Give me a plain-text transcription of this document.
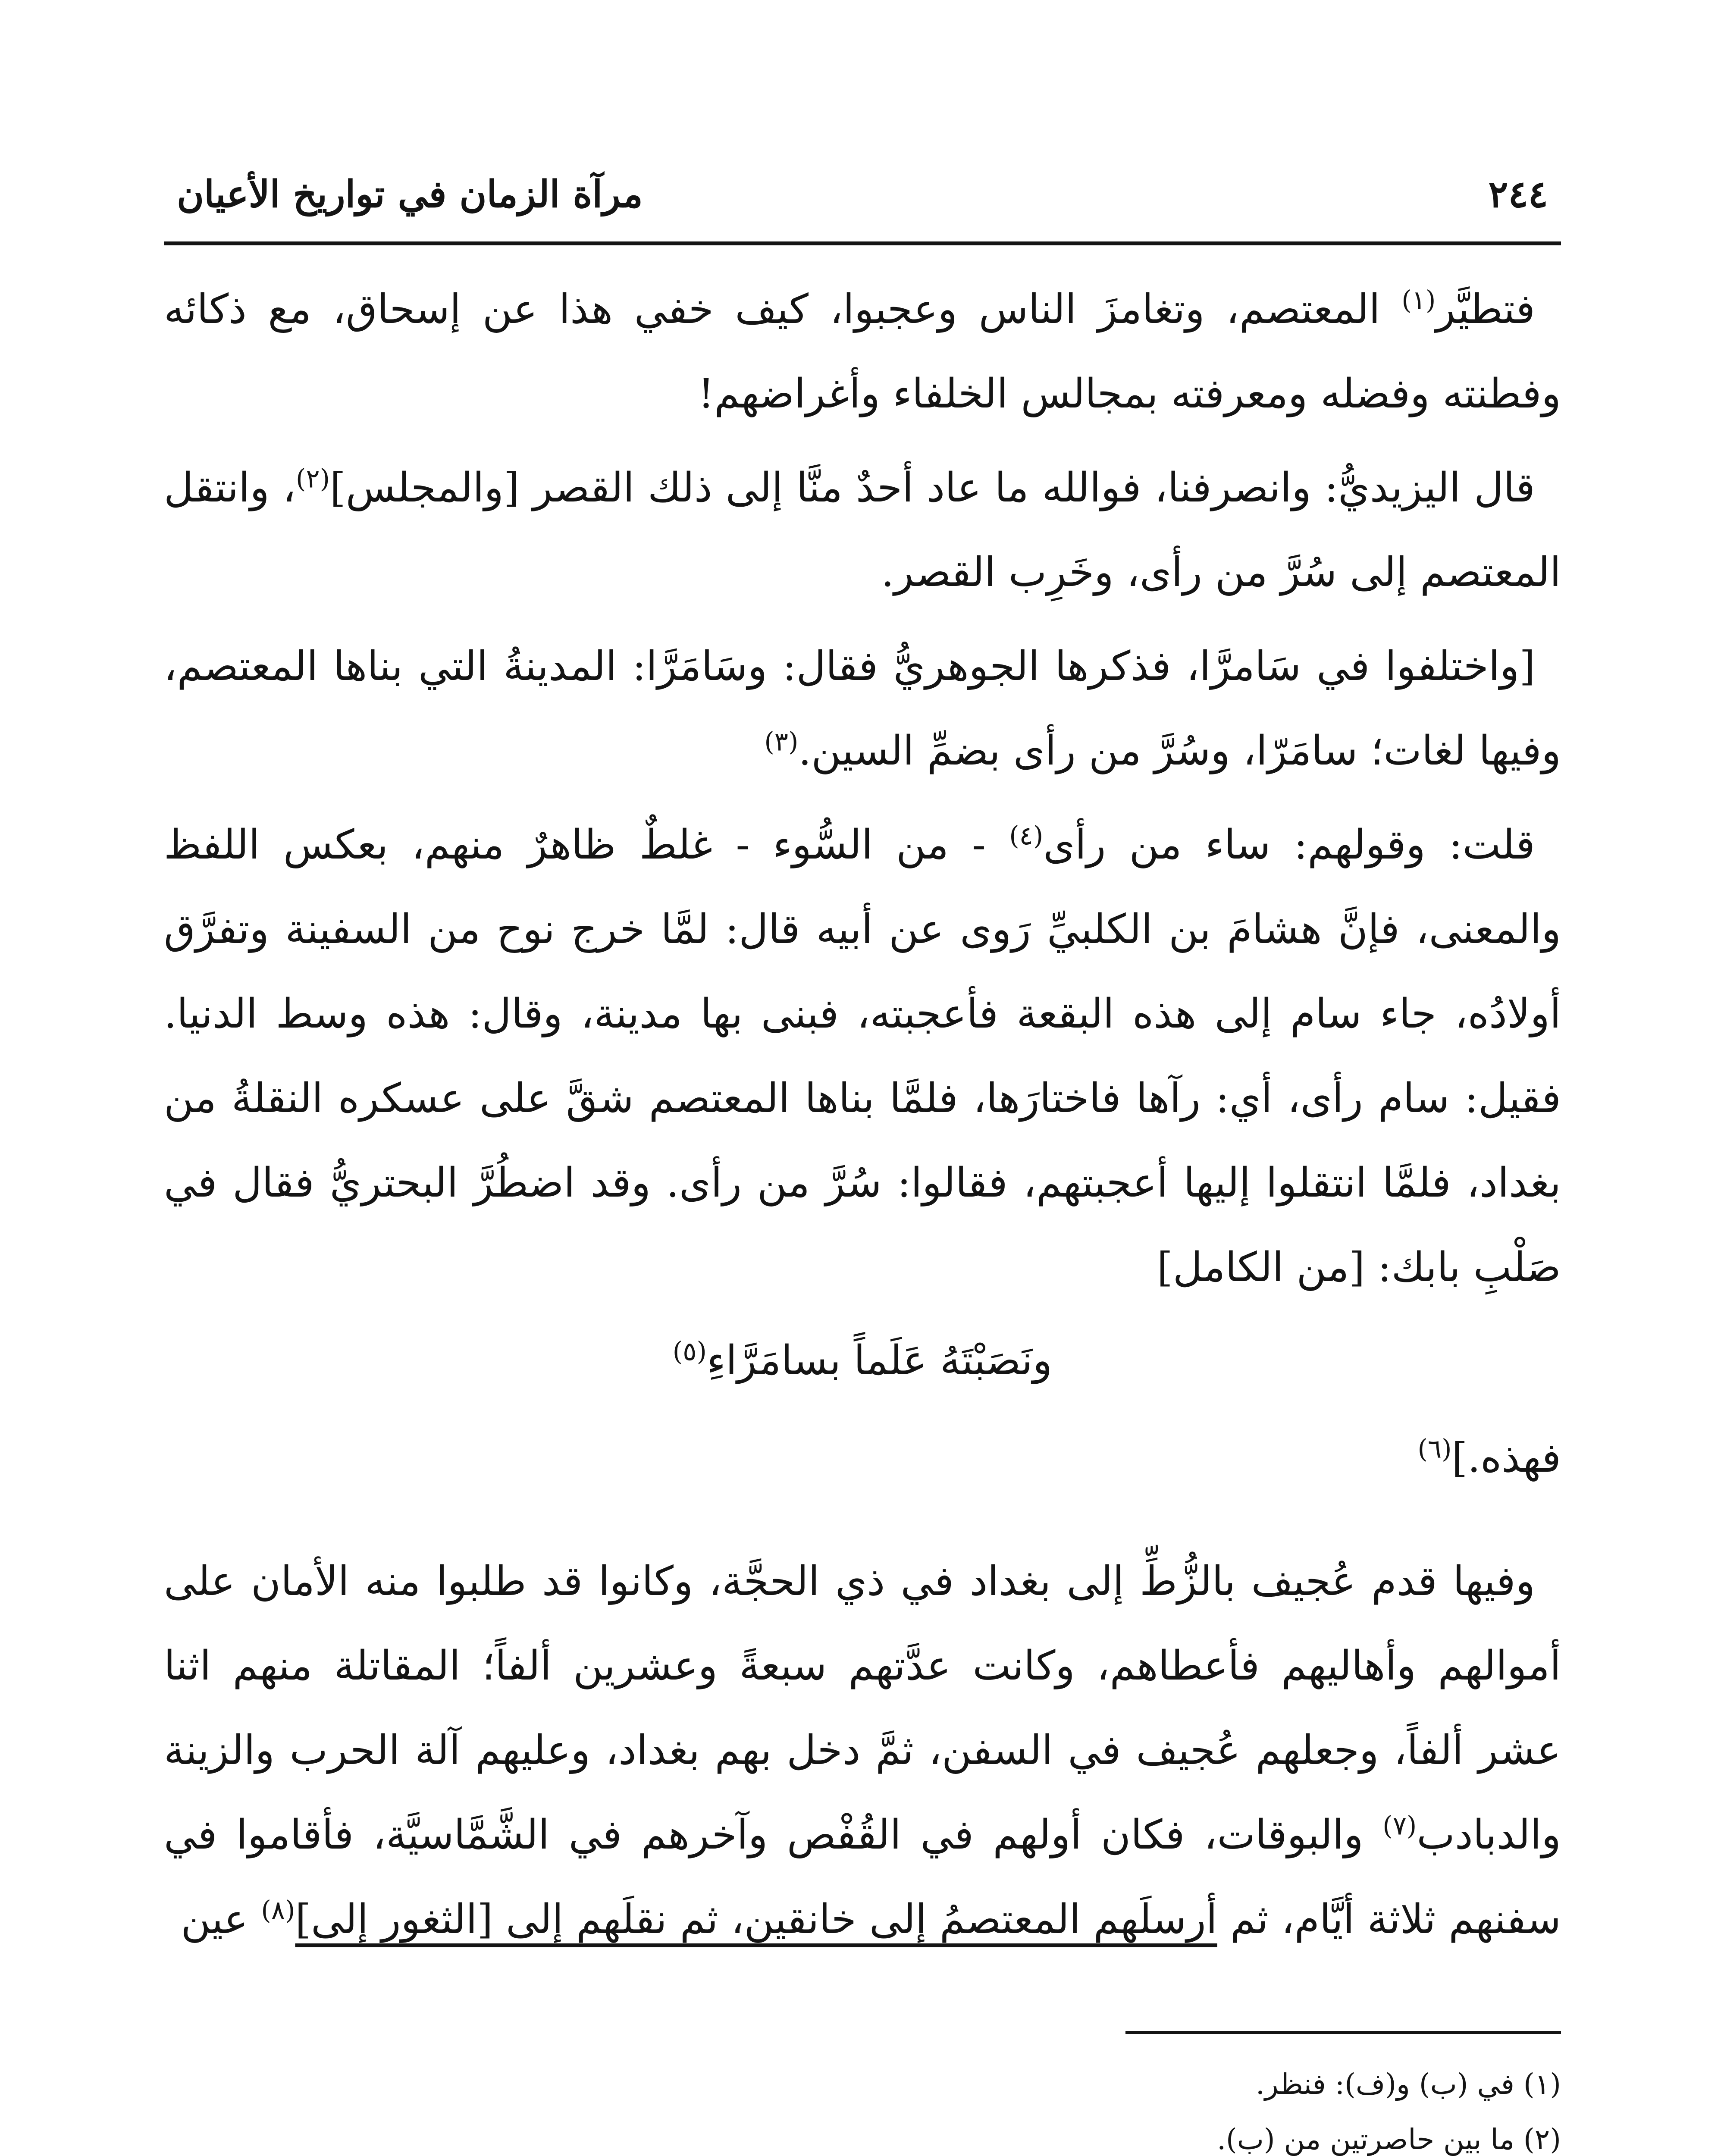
٢٤٤
مرآة الزمان في تواريخ الأعيان

فتطيَّر$^{(١)}$ المعتصم، وتغامزَ الناس وعجبوا، كيف خفي هذا عن إسحاق، مع ذكائه وفطنته وفضله ومعرفته بمجالس الخلفاء وأغراضهم!

قال اليزيديُّ: وانصرفنا، فوالله ما عاد أحدٌ منَّا إلى ذلك القصر [والمجلس]$^{(٢)}$، وانتقل المعتصم إلى سُرَّ من رأى، وخَرِب القصر.

[واختلفوا في سَامرَّا، فذكرها الجوهريُّ فقال: وسَامَرَّا: المدينةُ التي بناها المعتصم، وفيها لغات؛ سامَرّا، وسُرَّ من رأى بضمِّ السين.$^{(٣)}$

قلت: وقولهم: ساء من رأى$^{(٤)}$ - من السُّوء - غلطٌ ظاهرٌ منهم، بعكس اللفظ والمعنى، فإنَّ هشامَ بن الكلبيِّ رَوى عن أبيه قال: لمَّا خرج نوح من السفينة وتفرَّق أولادُه، جاء سام إلى هذه البقعة فأعجبته، فبنى بها مدينة، وقال: هذه وسط الدنيا. فقيل: سام رأى، أي: رآها فاختارَها، فلمَّا بناها المعتصم شقَّ على عسكره النقلةُ من بغداد، فلمَّا انتقلوا إليها أعجبتهم، فقالوا: سُرَّ من رأى. وقد اضطُرَّ البحتريُّ فقال في صَلْبِ بابك: [من الكامل]

ونَصَبْتَهُ عَلَماً بسامَرَّاءِ$^{(٥)}$

فهذه.]$^{(٦)}$

وفيها قدم عُجيف بالزُّطِّ إلى بغداد في ذي الحجَّة، وكانوا قد طلبوا منه الأمان على أموالهم وأهاليهم فأعطاهم، وكانت عدَّتهم سبعةً وعشرين ألفاً؛ المقاتلة منهم اثنا عشر ألفاً، وجعلهم عُجيف في السفن، ثمَّ دخل بهم بغداد، وعليهم آلة الحرب والزينة والدبادب$^{(٧)}$ والبوقات، فكان أولهم في القُفْص وآخرهم في الشَّمَّاسيَّة، فأقاموا في سفنهم ثلاثة أيَّام، ثم أرسلَهم المعتصمُ إلى خانقين، ثم نقلَهم إلى [الثغور إلى]$^{(٨)}$ عين

(١) في (ب) و(ف): فنظر.

(٢) ما بين حاصرتين من (ب).
